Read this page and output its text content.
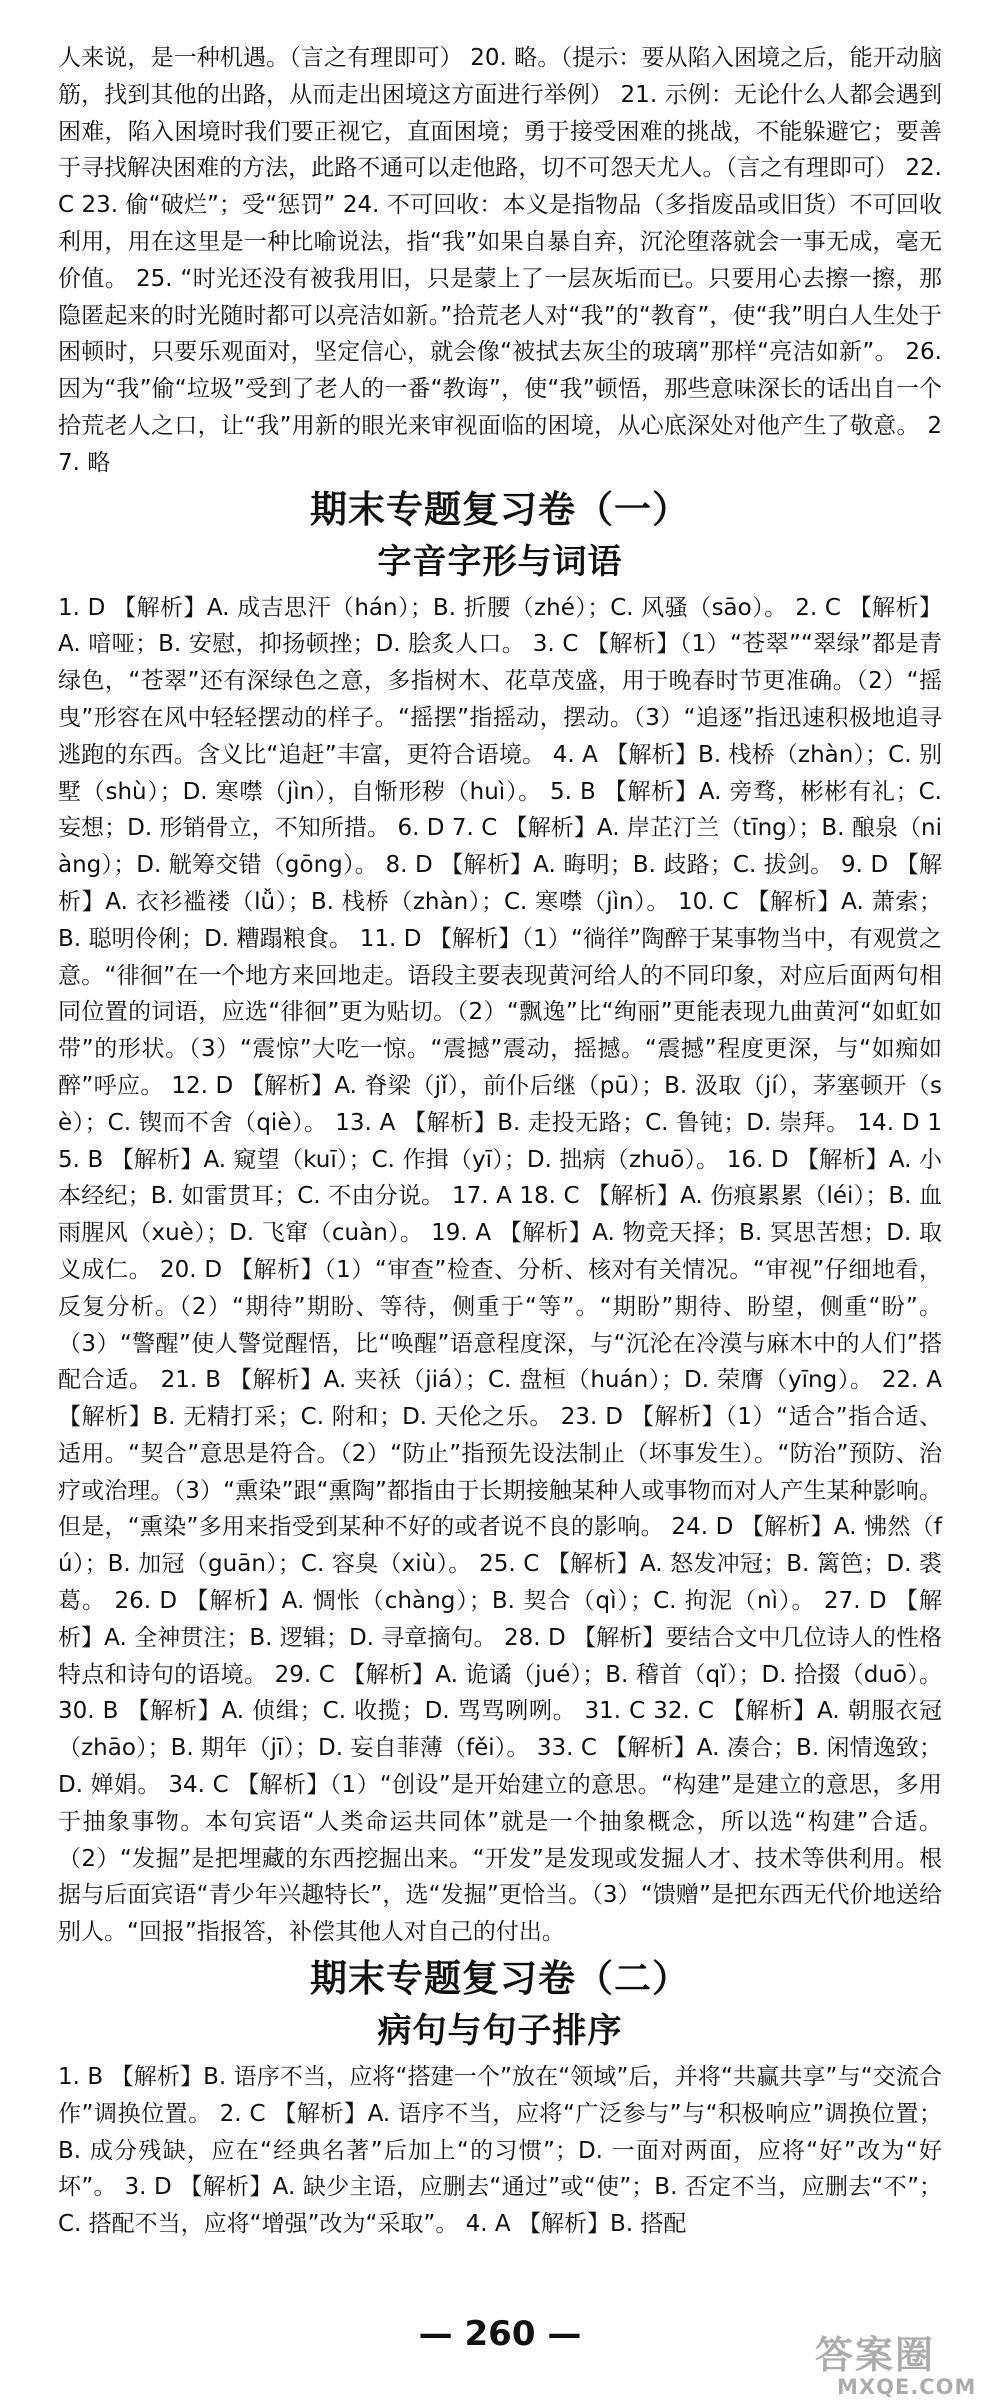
人来说，是一种机遇。（言之有理即可） 20. 略。（提示：要从陷入困境之后，能开动脑筋，找到其他的出路，从而走出困境这方面进行举例） 21. 示例：无论什么人都会遇到困难，陷入困境时我们要正视它，直面困境；勇于接受困难的挑战，不能躲避它；要善于寻找解决困难的方法，此路不通可以走他路，切不可怨天尤人。（言之有理即可） 22. C 23. 偷“破烂”；受“惩罚” 24. 不可回收：本义是指物品（多指废品或旧货）不可回收利用，用在这里是一种比喻说法，指“我”如果自暴自弃，沉沦堕落就会一事无成，毫无价值。 25. “时光还没有被我用旧，只是蒙上了一层灰垢而已。只要用心去擦一擦，那隐匿起来的时光随时都可以亮洁如新。”拾荒老人对“我”的“教育”，使“我”明白人生处于困顿时，只要乐观面对，坚定信心，就会像“被拭去灰尘的玻璃”那样“亮洁如新”。 26. 因为“我”偷“垃圾”受到了老人的一番“教诲”，使“我”顿悟，那些意味深长的话出自一个拾荒老人之口，让“我”用新的眼光来审视面临的困境，从心底深处对他产生了敬意。 27. 略

期末专题复习卷（一）
字音字形与词语

1. D 【解析】A. 成吉思汗（hán）；B. 折腰（zhé）；C. 风骚（sāo）。 2. C 【解析】A. 喑哑；B. 安慰，抑扬顿挫；D. 脍炙人口。 3. C 【解析】（1）“苍翠”“翠绿”都是青绿色，“苍翠”还有深绿色之意，多指树木、花草茂盛，用于晚春时节更准确。（2）“摇曳”形容在风中轻轻摆动的样子。“摇摆”指摇动，摆动。（3）“追逐”指迅速积极地追寻逃跑的东西。含义比“追赶”丰富，更符合语境。 4. A 【解析】B. 栈桥（zhàn）；C. 别墅（shù）；D. 寒噤（jìn），自惭形秽（huì）。 5. B 【解析】A. 旁骛，彬彬有礼；C. 妄想；D. 形销骨立，不知所措。 6. D 7. C 【解析】A. 岸芷汀兰（tīng）；B. 酿泉（niàng）；D. 觥筹交错（gōng）。 8. D 【解析】A. 晦明；B. 歧路；C. 拔剑。 9. D 【解析】A. 衣衫褴褛（lǚ）；B. 栈桥（zhàn）；C. 寒噤（jìn）。 10. C 【解析】A. 萧索；B. 聪明伶俐；D. 糟蹋粮食。 11. D 【解析】（1）“徜徉”陶醉于某事物当中，有观赏之意。“徘徊”在一个地方来回地走。语段主要表现黄河给人的不同印象，对应后面两句相同位置的词语，应选“徘徊”更为贴切。（2）“飘逸”比“绚丽”更能表现九曲黄河“如虹如带”的形状。（3）“震惊”大吃一惊。“震撼”震动，摇撼。“震撼”程度更深，与“如痴如醉”呼应。 12. D 【解析】A. 脊梁（jǐ），前仆后继（pū）；B. 汲取（jí），茅塞顿开（sè）；C. 锲而不舍（qiè）。 13. A 【解析】B. 走投无路；C. 鲁钝；D. 崇拜。 14. D 15. B 【解析】A. 窥望（kuī）；C. 作揖（yī）；D. 拙病（zhuō）。 16. D 【解析】A. 小本经纪；B. 如雷贯耳；C. 不由分说。 17. A 18. C 【解析】A. 伤痕累累（léi）；B. 血雨腥风（xuè）；D. 飞窜（cuàn）。 19. A 【解析】A. 物竞天择；B. 冥思苦想；D. 取义成仁。 20. D 【解析】（1）“审查”检查、分析、核对有关情况。“审视”仔细地看，反复分析。（2）“期待”期盼、等待，侧重于“等”。“期盼”期待、盼望，侧重“盼”。（3）“警醒”使人警觉醒悟，比“唤醒”语意程度深，与“沉沦在冷漠与麻木中的人们”搭配合适。 21. B 【解析】A. 夹袄（jiá）；C. 盘桓（huán）；D. 荣膺（yīng）。 22. A 【解析】B. 无精打采；C. 附和；D. 天伦之乐。 23. D 【解析】（1）“适合”指合适、适用。“契合”意思是符合。（2）“防止”指预先设法制止（坏事发生）。“防治”预防、治疗或治理。（3）“熏染”跟“熏陶”都指由于长期接触某种人或事物而对人产生某种影响。但是，“熏染”多用来指受到某种不好的或者说不良的影响。 24. D 【解析】A. 怫然（fú）；B. 加冠（guān）；C. 容臭（xiù）。 25. C 【解析】A. 怒发冲冠；B. 篱笆；D. 裘葛。 26. D 【解析】A. 惆怅（chàng）；B. 契合（qì）；C. 拘泥（nì）。 27. D 【解析】A. 全神贯注；B. 逻辑；D. 寻章摘句。 28. D 【解析】要结合文中几位诗人的性格特点和诗句的语境。 29. C 【解析】A. 诡谲（jué）；B. 稽首（qǐ）；D. 拾掇（duō）。 30. B 【解析】A. 侦缉；C. 收揽；D. 骂骂咧咧。 31. C 32. C 【解析】A. 朝服衣冠（zhāo）；B. 期年（jī）；D. 妄自菲薄（fěi）。 33. C 【解析】A. 凑合；B. 闲情逸致；D. 婵娟。 34. C 【解析】（1）“创设”是开始建立的意思。“构建”是建立的意思，多用于抽象事物。本句宾语“人类命运共同体”就是一个抽象概念，所以选“构建”合适。（2）“发掘”是把埋藏的东西挖掘出来。“开发”是发现或发掘人才、技术等供利用。根据与后面宾语“青少年兴趣特长”，选“发掘”更恰当。（3）“馈赠”是把东西无代价地送给别人。“回报”指报答，补偿其他人对自己的付出。

期末专题复习卷（二）
病句与句子排序

1. B 【解析】B. 语序不当，应将“搭建一个”放在“领域”后，并将“共赢共享”与“交流合作”调换位置。 2. C 【解析】A. 语序不当，应将“广泛参与”与“积极响应”调换位置；B. 成分残缺，应在“经典名著”后加上“的习惯”；D. 一面对两面，应将“好”改为“好坏”。 3. D 【解析】A. 缺少主语，应删去“通过”或“使”；B. 否定不当，应删去“不”；C. 搭配不当，应将“增强”改为“采取”。 4. A 【解析】B. 搭配

— 260 —	答案圈
MXQE.COM
